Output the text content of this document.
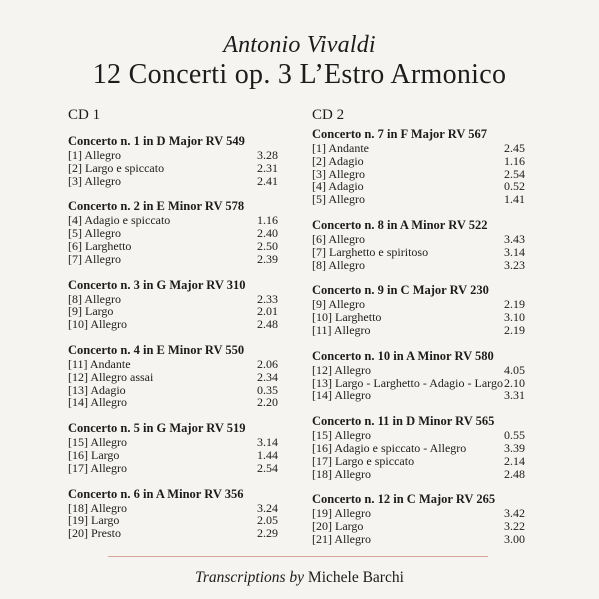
Antonio Vivaldi
12 Concerti op. 3 L’Estro Armonico
CD 1
Concerto n. 1 in D Major RV 549
[1] Allegro	3.28
[2] Largo e spiccato	2.31
[3] Allegro	2.41
Concerto n. 2 in E Minor RV 578
[4] Adagio e spiccato	1.16
[5] Allegro	2.40
[6] Larghetto	2.50
[7] Allegro	2.39
Concerto n. 3 in G Major RV 310
[8] Allegro	2.33
[9] Largo	2.01
[10] Allegro	2.48
Concerto n. 4 in E Minor RV 550
[11] Andante	2.06
[12] Allegro assai	2.34
[13] Adagio	0.35
[14] Allegro	2.20
Concerto n. 5 in G Major RV 519
[15] Allegro	3.14
[16] Largo	1.44
[17] Allegro	2.54
Concerto n. 6 in A Minor RV 356
[18] Allegro	3.24
[19] Largo	2.05
[20] Presto	2.29
CD 2
Concerto n. 7 in F Major RV 567
[1] Andante	2.45
[2] Adagio	1.16
[3] Allegro	2.54
[4] Adagio	0.52
[5] Allegro	1.41
Concerto n. 8 in A Minor RV 522
[6] Allegro	3.43
[7] Larghetto e spiritoso	3.14
[8] Allegro	3.23
Concerto n. 9 in C Major RV 230
[9] Allegro	2.19
[10] Larghetto	3.10
[11] Allegro	2.19
Concerto n. 10 in A Minor RV 580
[12] Allegro	4.05
[13] Largo - Larghetto - Adagio - Largo 2.10
[14] Allegro	3.31
Concerto n. 11 in D Minor RV 565
[15] Allegro	0.55
[16] Adagio e spiccato - Allegro	3.39
[17] Largo e spiccato	2.14
[18] Allegro	2.48
Concerto n. 12 in C Major RV 265
[19] Allegro	3.42
[20] Largo	3.22
[21] Allegro	3.00
Transcriptions by Michele Barchi
